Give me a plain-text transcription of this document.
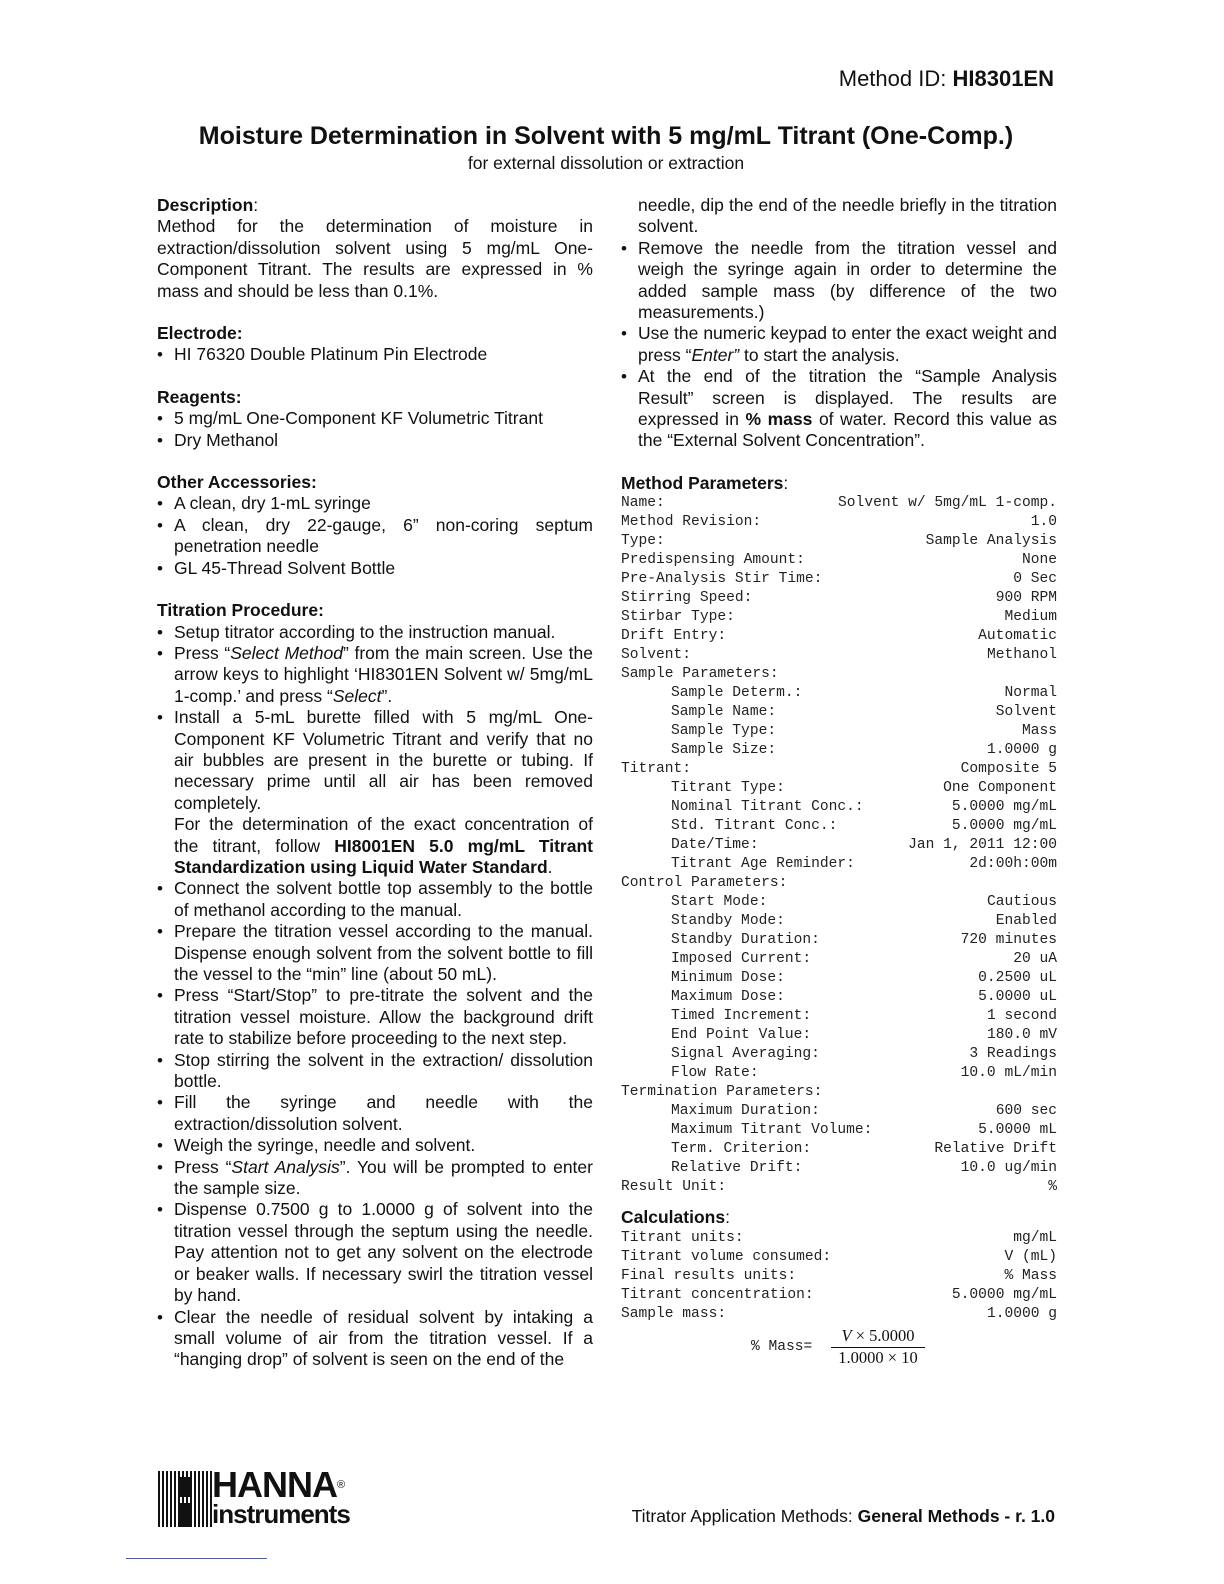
Method ID: HI8301EN
Moisture Determination in Solvent with 5 mg/mL Titrant (One-Comp.)
for external dissolution or extraction
Description:

Method for the determination of moisture in extraction/dissolution solvent using 5 mg/mL One-Component Titrant. The results are expressed in % mass and should be less than 0.1%.

Electrode:
• HI 76320 Double Platinum Pin Electrode
Reagents:
• 5 mg/mL One-Component KF Volumetric Titrant
• Dry Methanol
Other Accessories:
• A clean, dry 1-mL syringe
• A clean, dry 22-gauge, 6” non-coring septum penetration needle
• GL 45-Thread Solvent Bottle
Titration Procedure:
• Setup titrator according to the instruction manual.
• Press “Select Method” from the main screen. Use the arrow keys to highlight ‘HI8301EN Solvent w/ 5mg/mL 1-comp.’ and press “Select”.
• Install a 5-mL burette filled with 5 mg/mL One-Component KF Volumetric Titrant and verify that no air bubbles are present in the burette or tubing. If necessary prime until all air has been removed completely.
For the determination of the exact concentration of the titrant, follow HI8001EN 5.0 mg/mL Titrant Standardization using Liquid Water Standard.
• Connect the solvent bottle top assembly to the bottle of methanol according to the manual.
• Prepare the titration vessel according to the manual. Dispense enough solvent from the solvent bottle to fill the vessel to the “min” line (about 50 mL).
• Press “Start/Stop” to pre-titrate the solvent and the titration vessel moisture. Allow the background drift rate to stabilize before proceeding to the next step.
• Stop stirring the solvent in the extraction/ dissolution bottle.
• Fill the syringe and needle with the extraction/dissolution solvent.
• Weigh the syringe, needle and solvent.
• Press “Start Analysis”. You will be prompted to enter the sample size.
• Dispense 0.7500 g to 1.0000 g of solvent into the titration vessel through the septum using the needle. Pay attention not to get any solvent on the electrode or beaker walls. If necessary swirl the titration vessel by hand.
• Clear the needle of residual solvent by intaking a small volume of air from the titration vessel. If a “hanging drop” of solvent is seen on the end of the

needle, dip the end of the needle briefly in the titration solvent.

• Remove the needle from the titration vessel and weigh the syringe again in order to determine the added sample mass (by difference of the two measurements.)
• Use the numeric keypad to enter the exact weight and press “Enter” to start the analysis.
• At the end of the titration the “Sample Analysis Result” screen is displayed. The results are expressed in % mass of water. Record this value as the “External Solvent Concentration”.
Method Parameters:
Name:	Solvent w/ 5mg/mL 1-comp.
Method Revision:	1.0
Type:	Sample Analysis
Predispensing Amount:	None
Pre-Analysis Stir Time:	0 Sec
Stirring Speed:	900 RPM
Stirbar Type:	Medium
Drift Entry:	Automatic
Solvent:	Methanol
Sample Parameters:
Sample Determ.:	Normal
Sample Name:	Solvent
Sample Type:	Mass
Sample Size:	1.0000 g
Titrant:	Composite 5
Titrant Type:	One Component
Nominal Titrant Conc.:	5.0000 mg/mL
Std. Titrant Conc.:	5.0000 mg/mL
Date/Time:	Jan 1, 2011 12:00
Titrant Age Reminder:	2d:00h:00m
Control Parameters:
Start Mode:	Cautious
Standby Mode:	Enabled
Standby Duration:	720 minutes
Imposed Current:	20 uA
Minimum Dose:	0.2500 uL
Maximum Dose:	5.0000 uL
Timed Increment:	1 second
End Point Value:	180.0 mV
Signal Averaging:	3 Readings
Flow Rate:	10.0 mL/min
Termination Parameters:
Maximum Duration:	600 sec
Maximum Titrant Volume:	5.0000 mL
Term. Criterion:	Relative Drift
Relative Drift:	10.0 ug/min
Result Unit:	%
Calculations:
Titrant units:	mg/mL
Titrant volume consumed:	V (mL)
Final results units:	% Mass
Titrant concentration:	5.0000 mg/mL
Sample mass:	1.0000 g
% Mass= $\frac{V \times 5.0000}{1.0000 \times 10}$
HANNA®
instruments	Titrator Application Methods: General Methods - r. 1.0
